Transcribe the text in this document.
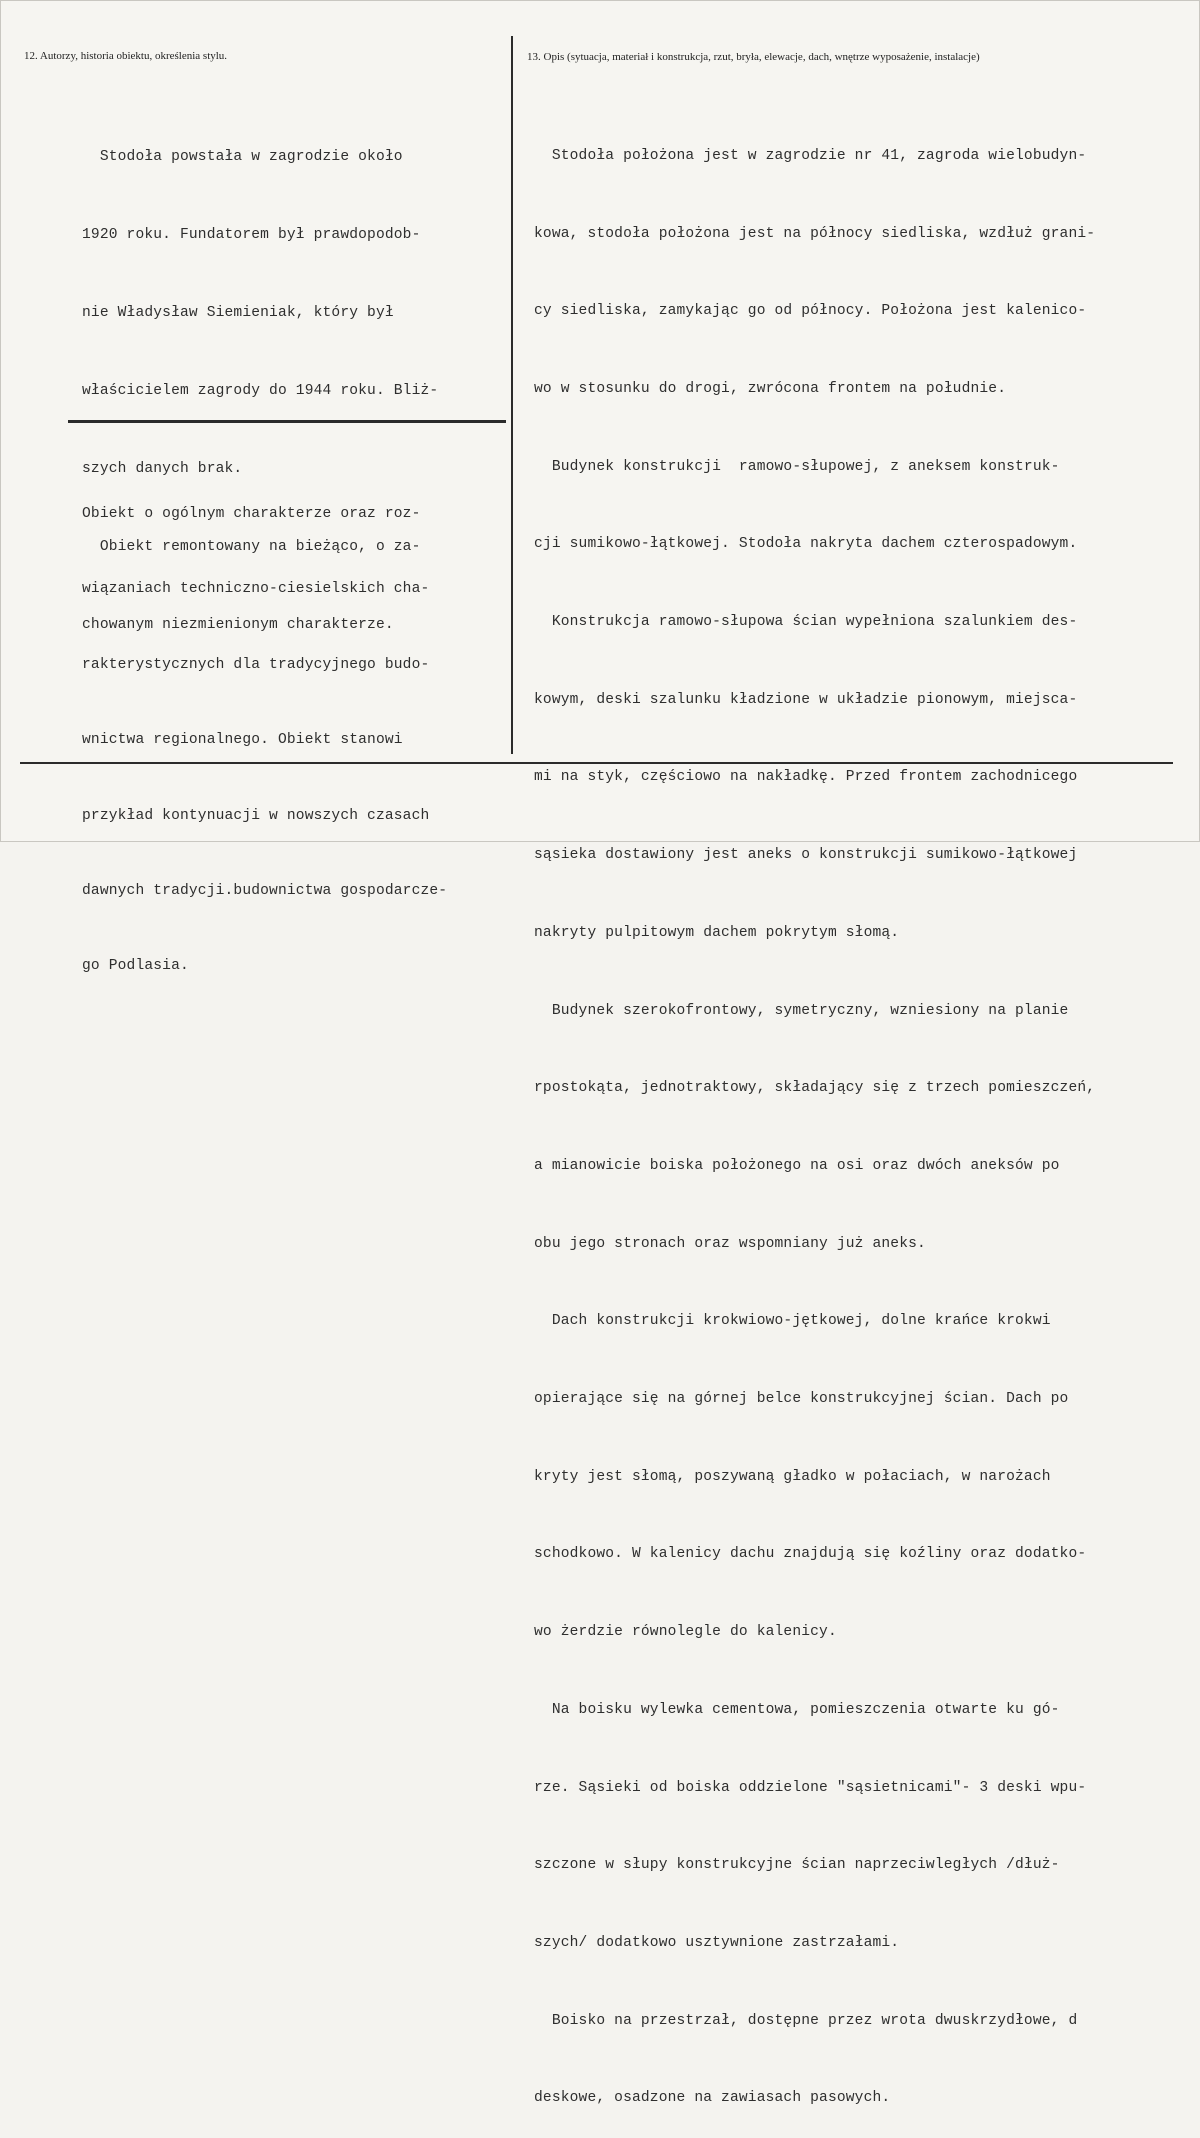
12. Autorzy, historia obiektu, określenia stylu.	13. Opis (sytuacja, materiał i konstrukcja, rzut, bryła, elewacje, dach, wnętrze wyposażenie, instalacje)

Stodoła powstała w zagrodzie około

1920 roku. Fundatorem był prawdopodob-

nie Władysław Siemieniak, który był

właścicielem zagrody do 1944 roku. Bliż-

szych danych brak.

Obiekt remontowany na bieżąco, o za-

chowanym niezmienionym charakterze.

Obiekt o ogólnym charakterze oraz roz-

wiązaniach techniczno-ciesielskich cha-

rakterystycznych dla tradycyjnego budo-

wnictwa regionalnego. Obiekt stanowi

przykład kontynuacji w nowszych czasach

dawnych tradycji.budownictwa gospodarcze-

go Podlasia.

Stodoła położona jest w zagrodzie nr 41, zagroda wielobudyn-

kowa, stodoła położona jest na północy siedliska, wzdłuż grani-

cy siedliska, zamykając go od północy. Położona jest kalenico-

wo w stosunku do drogi, zwrócona frontem na południe.

Budynek konstrukcji  ramowo-słupowej, z aneksem konstruk-

cji sumikowo-łątkowej. Stodoła nakryta dachem czterospadowym.

Konstrukcja ramowo-słupowa ścian wypełniona szalunkiem des-

kowym, deski szalunku kładzione w układzie pionowym, miejsca-

mi na styk, częściowo na nakładkę. Przed frontem zachodnicego

sąsieka dostawiony jest aneks o konstrukcji sumikowo-łątkowej

nakryty pulpitowym dachem pokrytym słomą.

Budynek szerokofrontowy, symetryczny, wzniesiony na planie

rpostokąta, jednotraktowy, składający się z trzech pomieszczeń,

a mianowicie boiska położonego na osi oraz dwóch aneksów po

obu jego stronach oraz wspomniany już aneks.

Dach konstrukcji krokwiowo-jętkowej, dolne krańce krokwi

opierające się na górnej belce konstrukcyjnej ścian. Dach po

kryty jest słomą, poszywaną gładko w połaciach, w narożach

schodkowo. W kalenicy dachu znajdują się koźliny oraz dodatko-

wo żerdzie równolegle do kalenicy.

Na boisku wylewka cementowa, pomieszczenia otwarte ku gó-

rze. Sąsieki od boiska oddzielone "sąsietnicami"- 3 deski wpu-

szczone w słupy konstrukcyjne ścian naprzeciwległych /dłuż-

szych/ dodatkowo usztywnione zastrzałami.

Boisko na przestrzał, dostępne przez wrota dwuskrzydłowe, d

deskowe, osadzone na zawiasach pasowych.
